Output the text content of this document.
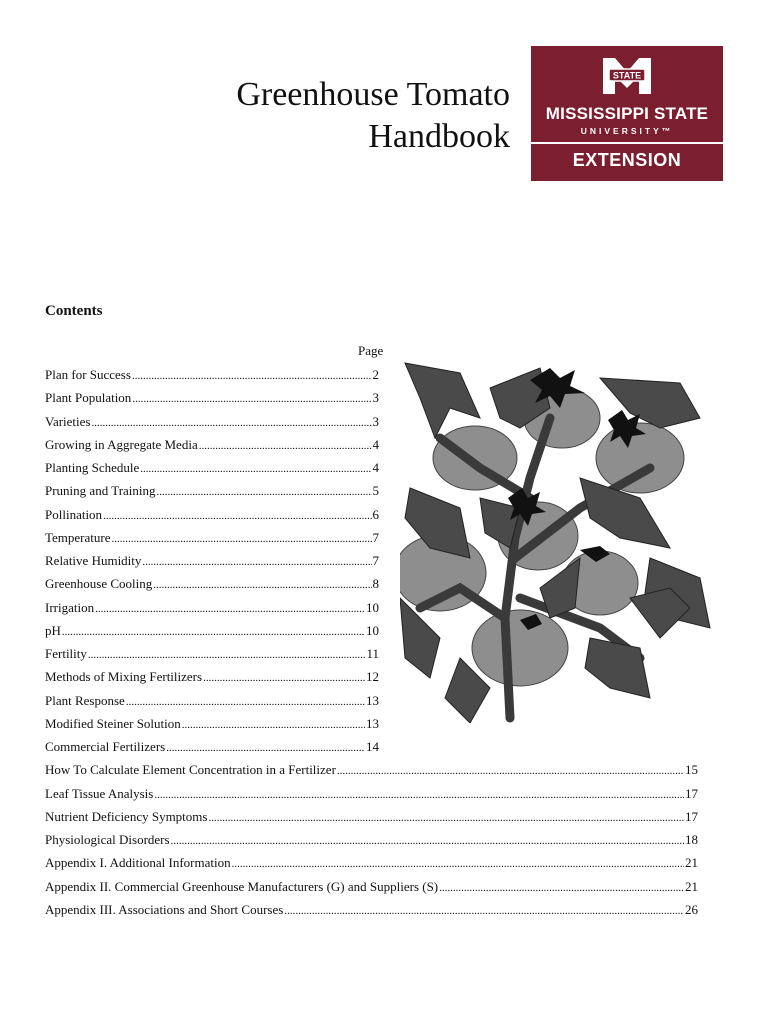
Greenhouse Tomato
Handbook
STATE
MISSISSIPPI STATE
UNIVERSITY™
EXTENSION
Contents
Page
Plan for Success .....	2
Plant Population .....	3
Varieties .....	3
Growing in Aggregate Media .....	4
Planting Schedule .....	4
Pruning and Training .....	5
Pollination .....	6
Temperature .....	7
Relative Humidity .....	7
Greenhouse Cooling .....	8
Irrigation .....	10
pH .....	10
Fertility .....	11
Methods of Mixing Fertilizers .....	12
Plant Response .....	13
Modified Steiner Solution .....	13
Commercial Fertilizers .....	14
How To Calculate Element Concentration in a Fertilizer .....	15
Leaf Tissue Analysis .....	17
Nutrient Deficiency Symptoms .....	17
Physiological Disorders .....	18
Appendix I. Additional Information .....	21
Appendix II. Commercial Greenhouse Manufacturers (G) and Suppliers (S) .....	21
Appendix III. Associations and Short Courses .....	26
